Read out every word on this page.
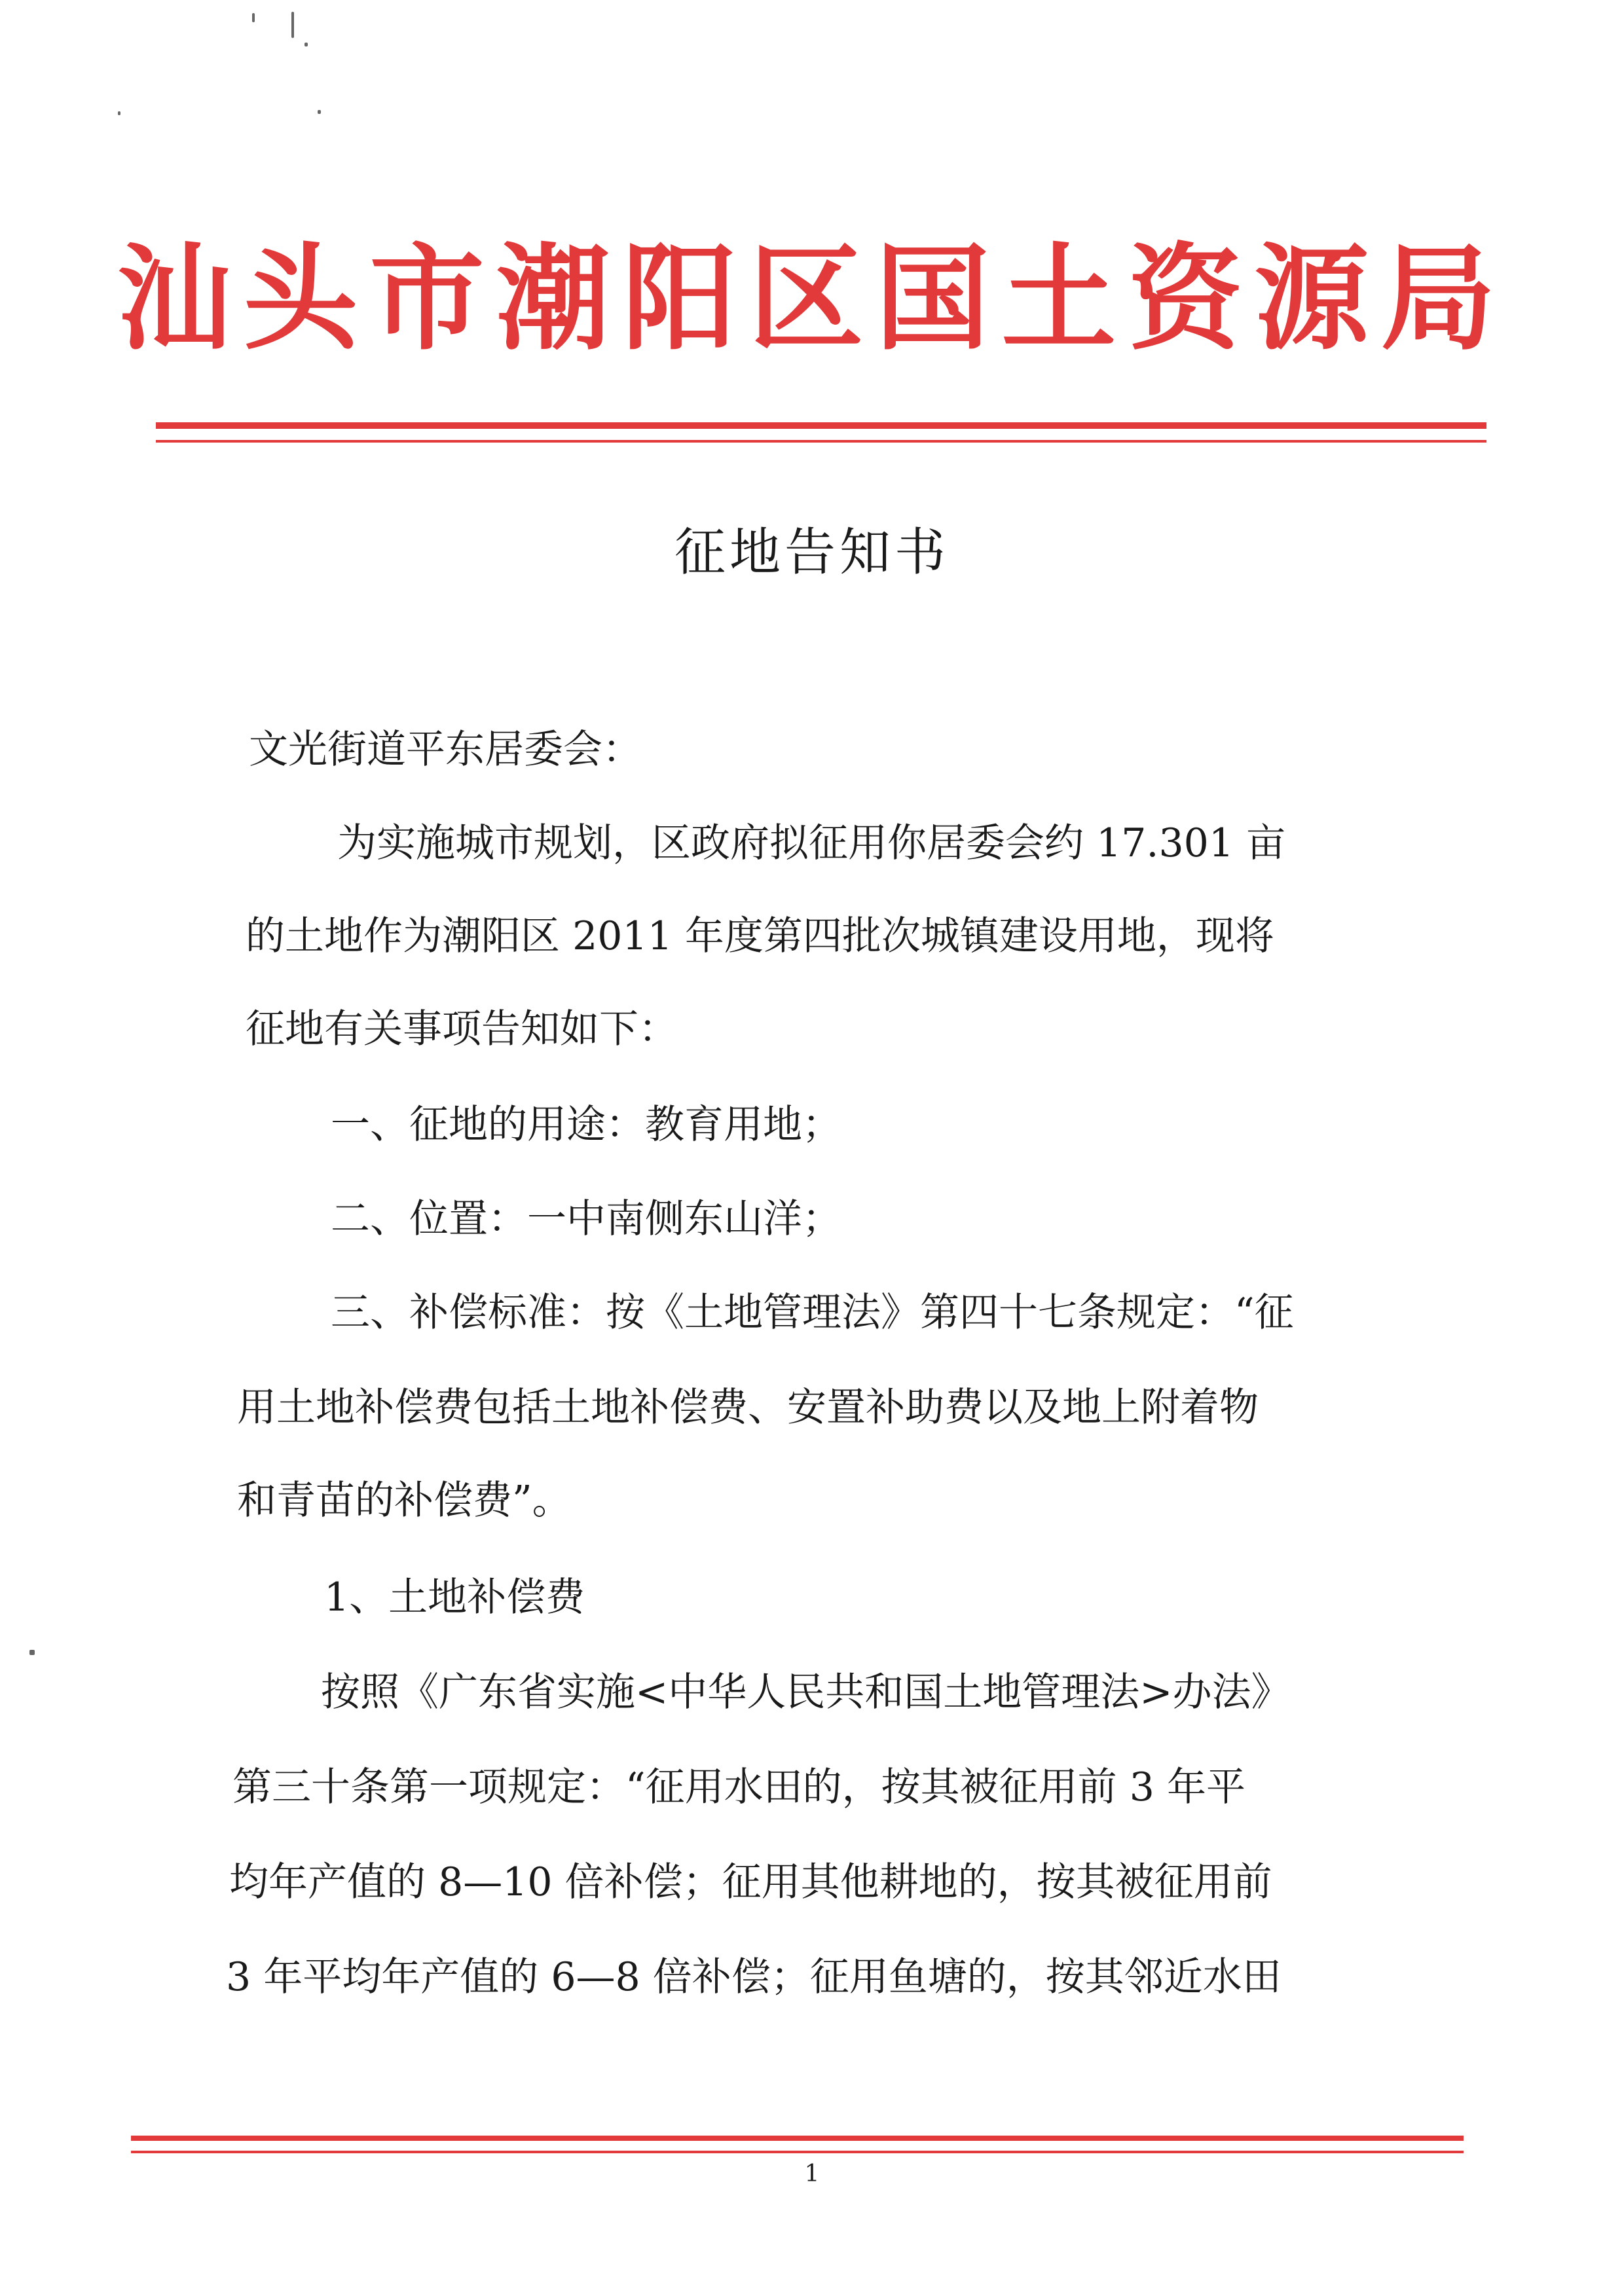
汕头市潮阳区国土资源局
征地告知书
文光街道平东居委会：
为实施城市规划，区政府拟征用你居委会约 17.301 亩
的土地作为潮阳区 2011 年度第四批次城镇建设用地，现将
征地有关事项告知如下：
一、征地的用途：教育用地；
二、位置：一中南侧东山洋；
三、补偿标准：按《土地管理法》第四十七条规定：“征
用土地补偿费包括土地补偿费、安置补助费以及地上附着物
和青苗的补偿费”。
1、土地补偿费
按照《广东省实施<中华人民共和国土地管理法>办法》
第三十条第一项规定：“征用水田的，按其被征用前 3 年平
均年产值的 8—10 倍补偿；征用其他耕地的，按其被征用前
3 年平均年产值的 6—8 倍补偿；征用鱼塘的，按其邻近水田
1
